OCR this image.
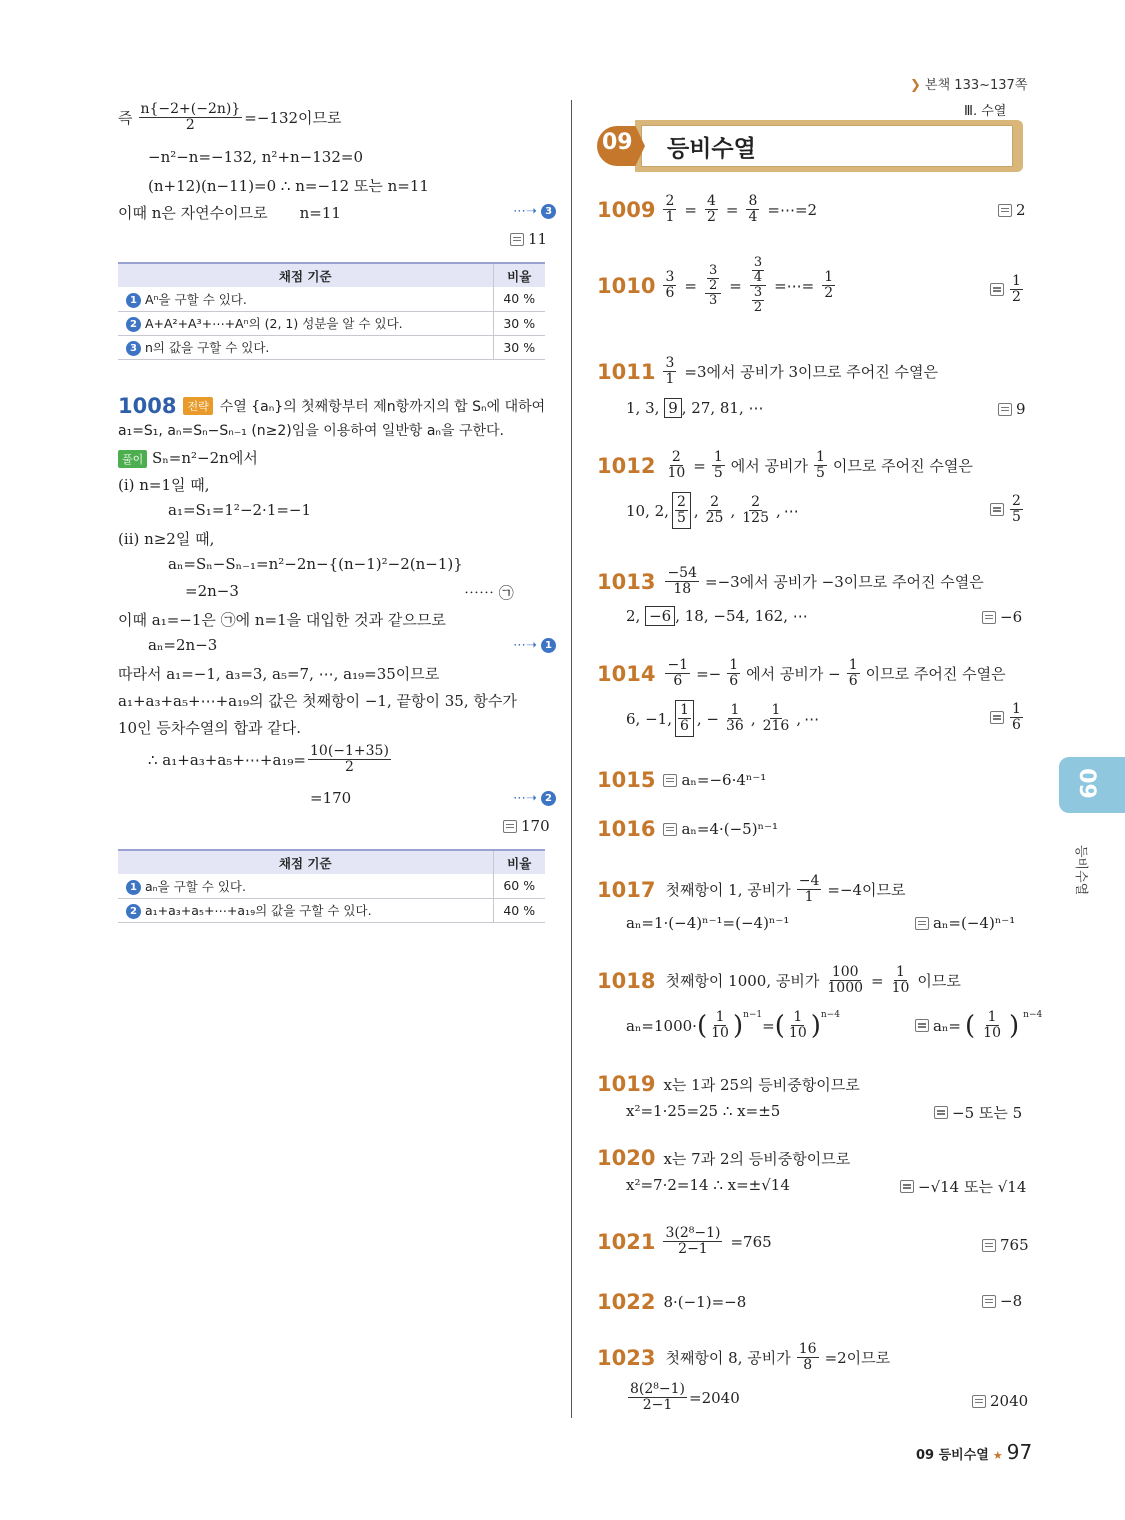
❯ 본책 133~137쪽
Ⅲ. 수열
09 등비수열
즉 $\frac{n\{-2+(-2n)\}}{2} =-132$이므로
−n²−n=−132, n²+n−132=0
(n+12)(n−11)=0 ∴ n=−12 또는 n=11
이때 n은 자연수이므로 n=11	⋯➝ 3
11
채점 기준	비율
1 Aⁿ을 구할 수 있다.	40 %
2 A+A²+A³+⋯+Aⁿ의 (2, 1) 성분을 알 수 있다.	30 %
3 n의 값을 구할 수 있다.	30 %
1008	전략 수열 {aₙ}의 첫째항부터 제n항까지의 합 Sₙ에 대하여
a₁=S₁, aₙ=Sₙ−Sₙ₋₁ (n≥2)임을 이용하여 일반항 aₙ을 구한다.
풀이 Sₙ=n²−2n에서
(ⅰ) n=1일 때,
a₁=S₁=1²−2·1=−1
(ⅱ) n≥2일 때,
aₙ=Sₙ−Sₙ₋₁=n²−2n−{(n−1)²−2(n−1)}
=2n−3	⋯⋯ ㉠
이때 a₁=−1은 ㉠에 n=1을 대입한 것과 같으므로
aₙ=2n−3	⋯➝ 1
따라서 a₁=−1, a₃=3, a₅=7, ⋯, a₁₉=35이므로
a₁+a₃+a₅+⋯+a₁₉의 값은 첫째항이 −1, 끝항이 35, 항수가
10인 등차수열의 합과 같다.
∴ a₁+a₃+a₅+⋯+a₁₉= $\frac{10(-1+35)}{2}$
=170	⋯➝ 2
170
채점 기준	비율
1 aₙ을 구할 수 있다.	60 %
2 a₁+a₃+a₅+⋯+a₁₉의 값을 구할 수 있다.	40 %
$1009 \frac{2}{1} = \frac{4}{2} = \frac{8}{4}$ =⋯=2	2
$1010 \frac{3}{6} = \frac{\frac{3}{2}}{3} = \frac{\frac{3}{4}}{\frac{3}{2}}$ =⋯= $\frac{1}{2}$	$\frac{1}{2}$
$1011 \frac{3}{1} =3$에서 공비가 3이므로 주어진 수열은
1, 3, 9 , 27, 81, ⋯	9
$1012 \frac{2}{10} = \frac{1}{5}$ 에서 공비가 $\frac{1}{5}$ 이므로 주어진 수열은
10, 2, $\frac{2}{5}$ , $\frac{2}{25}$ , $\frac{2}{125}$ , ⋯	$\frac{2}{5}$
$1013 \frac{-54}{18} =-3$에서 공비가 −3이므로 주어진 수열은
2, −6 , 18, −54, 162, ⋯	−6
$1014 \frac{-1}{6} =- \frac{1}{6}$ 에서 공비가 − $\frac{1}{6}$ 이므로 주어진 수열은
6, −1, $\frac{1}{6}$ , − $\frac{1}{36}$ , $\frac{1}{216}$ , ⋯	$\frac{1}{6}$
1015 aₙ=−6·4ⁿ⁻¹
1016 aₙ=4·(−5)ⁿ⁻¹
1017 첫째항이 1, 공비가 $\frac{-4}{1} =-4$이므로
aₙ=1·(−4)ⁿ⁻¹=(−4)ⁿ⁻¹	aₙ=(−4)ⁿ⁻¹
1018 첫째항이 1000, 공비가 $\frac{100}{1000} = \frac{1}{10}$ 이므로
aₙ=1000· ( $\frac{1}{10} )^{n-1}$
= ( $\frac{1}{10} )^{n-4}$
aₙ= ( $\frac{1}{10}$ ) $^{n-4}$
1019 x는 1과 25의 등비중항이므로
x²=1·25=25 ∴ x=±5	−5 또는 5
1020 x는 7과 2의 등비중항이므로
x²=7·2=14 ∴ x=±√14	−√14 또는 √14
$1021 \frac{\text{3(2⁸−1)}}{2-1} =765$	765
1022 8·(−1)=−8	−8
1023 첫째항이 8, 공비가 $\frac{16}{8} =2$이므로
$\frac{\text{8(2⁸−1)}}{2-1} =2040$	2040
09
등비수열
09 등비수열 ★ 97
